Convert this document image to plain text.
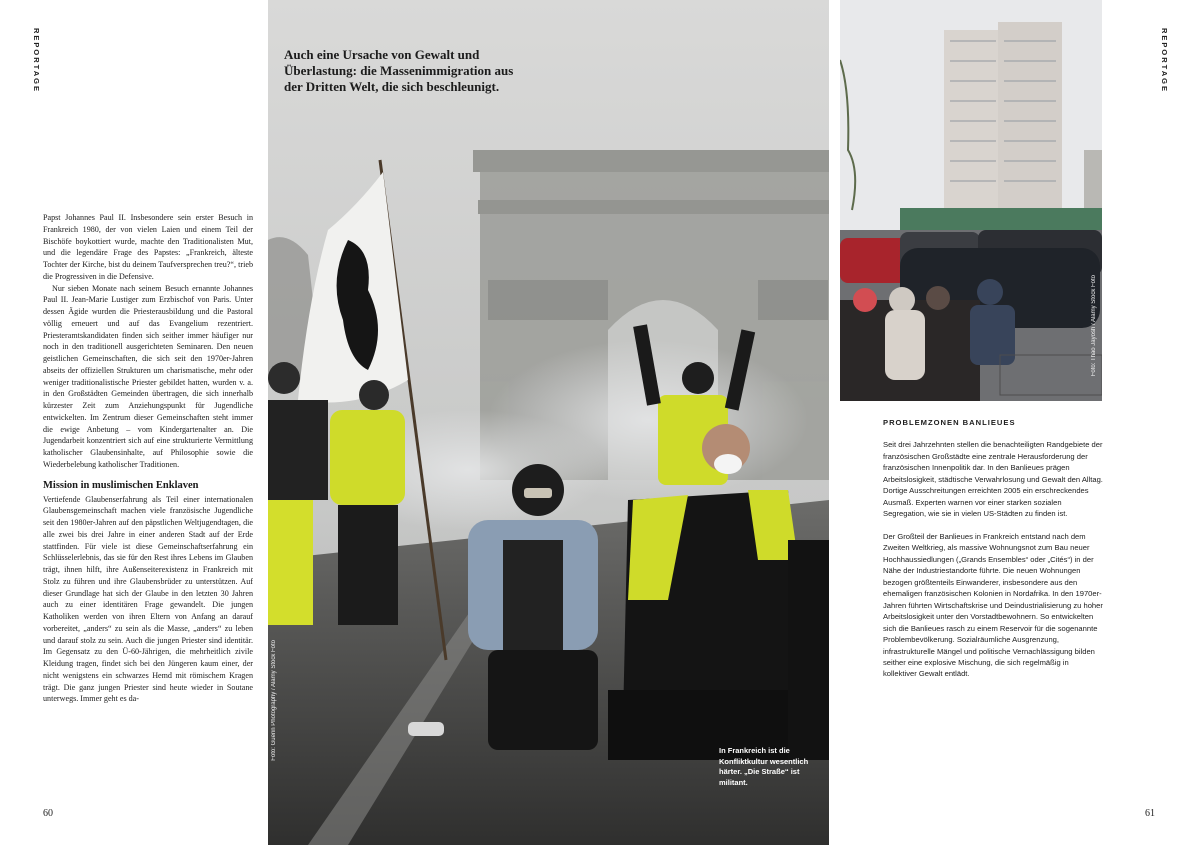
REPORTAGE	REPORTAGE

Papst Johannes Paul II. Insbesondere sein erster Besuch in Frankreich 1980, der von vielen Laien und einem Teil der Bischöfe boykottiert wurde, machte den Traditionalisten Mut, und die legendäre Frage des Papstes: „Frankreich, älteste Tochter der Kirche, bist du deinem Taufversprechen treu?“, trieb die Progressiven in die Defensive.

Nur sieben Monate nach seinem Besuch ernannte Johannes Paul II. Jean-Marie Lustiger zum Erzbischof von Paris. Unter dessen Ägide wurden die Priesterausbildung und die Pastoral völlig erneuert und auf das Evangelium rezentriert. Priesteramtskandidaten finden sich seither immer häufiger nur noch in den traditionell ausgerichteten Seminaren. Den neuen geistlichen Gemeinschaften, die sich seit den 1970er-Jahren abseits der offiziellen Strukturen um charismatische, mehr oder weniger traditionalistische Priester gebildet hatten, wurden v. a. in den Großstädten Gemeinden übertragen, die sich innerhalb kürzester Zeit zum Anziehungspunkt für Jugendliche entwickelten. Im Zentrum dieser Gemeinschaften steht immer die ewige Anbetung – vom Kindergartenalter an. Die Jugendarbeit konzentriert sich auf eine strukturierte Vermittlung katholischer Glaubensinhalte, auf Philosophie sowie die Wiederbelebung katholischer Traditionen.

Mission in muslimischen Enklaven

Vertiefende Glaubenserfahrung als Teil einer internationalen Glaubensgemeinschaft machen viele französische Jugendliche seit den 1980er-Jahren auf den päpstlichen Weltjugendtagen, die alle zwei bis drei Jahre in einer anderen Stadt auf der Erde stattfinden. Für viele ist diese Gemeinschaftserfahrung ein Schlüsselerlebnis, das sie für den Rest ihres Lebens im Glauben trägt, ihnen hilft, ihre Außenseiterexistenz in Frankreich mit Stolz zu führen und ihre Glaubensbrüder zu unterstützen. Auf dieser Grundlage hat sich der Glaube in den letzten 30 Jahren auch zu einer identitären Frage gewandelt. Die jungen Katholiken werden von ihren Eltern von Anfang an darauf vorbereitet, „anders“ zu sein als die Masse, „anders“ zu leben und darauf stolz zu sein. Auch die jungen Priester sind identitär. Im Gegensatz zu den Ü-60-Jährigen, die mehrheitlich zivile Kleidung tragen, findet sich bei den Jüngeren kaum einer, der nicht wenigstens ein schwarzes Hemd mit römischem Kragen trägt. Die ganz jungen Priester sind heute wieder in Soutane unterwegs. Immer geht es da-

60	61
Auch eine Ursache von Gewalt und Überlastung: die Massenimmigration aus der Dritten Welt, die sich beschleunigt.
In Frankreich ist die Konfliktkultur wesentlich härter. „Die Straße“ ist militant.
Foto: Guerin Photography / Alamy Stock Foto
Foto: Thao Jayosh / Alamy Stock Foto
PROBLEMZONEN BANLIEUES

Seit drei Jahrzehnten stellen die benachteiligten Randgebiete der französischen Großstädte eine zentrale Herausforderung der französischen Innenpolitik dar. In den Banlieues prägen Arbeitslosigkeit, städtische Verwahrlosung und Gewalt den Alltag. Dortige Ausschreitungen erreichten 2005 ein erschreckendes Ausmaß. Experten warnen vor einer starken sozialen Segregation, wie sie in vielen US-Städten zu finden ist.

Der Großteil der Banlieues in Frankreich entstand nach dem Zweiten Weltkrieg, als massive Wohnungsnot zum Bau neuer Hochhaussiedlungen („Grands Ensembles“ oder „Cités“) in der Nähe der Industriestandorte führte. Die neuen Wohnungen bezogen größtenteils Einwanderer, insbesondere aus den ehemaligen französischen Kolonien in Nordafrika. In den 1970er-Jahren führten Wirtschaftskrise und Deindustrialisierung zu hoher Arbeitslosigkeit unter den Vorstadtbewohnern. So entwickelten sich die Banlieues rasch zu einem Reservoir für die sogenannte Problembevölkerung. Sozialräumliche Ausgrenzung, infrastrukturelle Mängel und politische Vernachlässigung bilden seither eine explosive Mischung, die sich regelmäßig in kollektiver Gewalt entlädt.
